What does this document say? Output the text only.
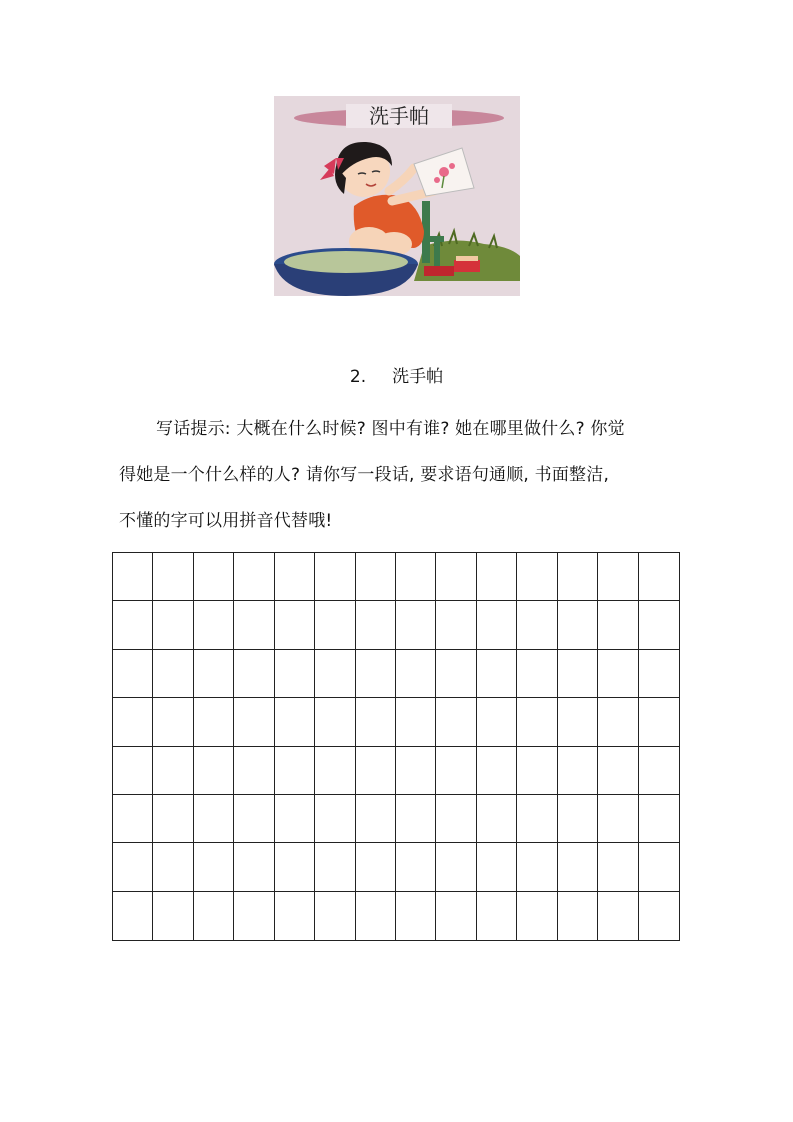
洗手帕
2. 洗手帕
写话提示: 大概在什么时候? 图中有谁? 她在哪里做什么? 你觉
得她是一个什么样的人? 请你写一段话, 要求语句通顺, 书面整洁,
不懂的字可以用拼音代替哦!
